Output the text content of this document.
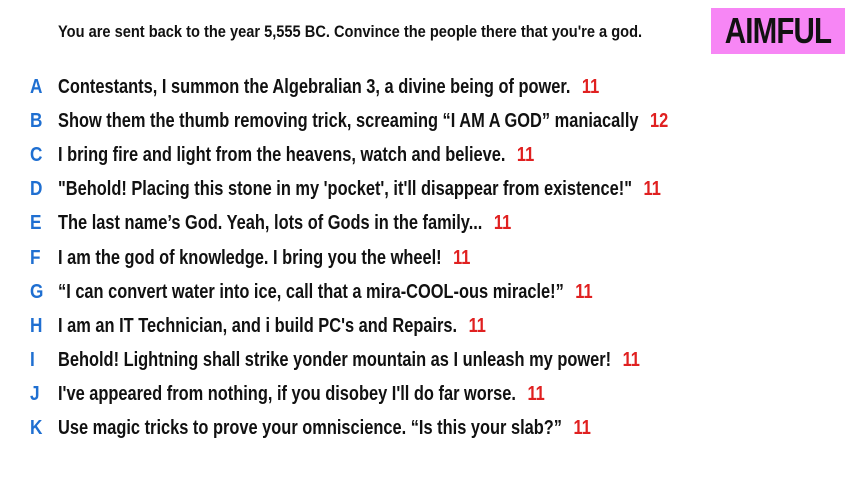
You are sent back to the year 5,555 BC. Convince the people there that you're a god. AIMFUL
A Contestants, I summon the Algebralian 3, a divine being of power. 11
B Show them the thumb removing trick, screaming “I AM A GOD” maniacally 12
C I bring fire and light from the heavens, watch and believe. 11
D "Behold! Placing this stone in my 'pocket', it'll disappear from existence!" 11
E The last name’s God. Yeah, lots of Gods in the family... 11
F I am the god of knowledge. I bring you the wheel! 11
G “I can convert water into ice, call that a mira-COOL-ous miracle!” 11
H I am an IT Technician, and i build PC's and Repairs. 11
I	Behold! Lightning shall strike yonder mountain as I unleash my power! 11
J I've appeared from nothing, if you disobey I'll do far worse. 11
K Use magic tricks to prove your omniscience. “Is this your slab?” 11
